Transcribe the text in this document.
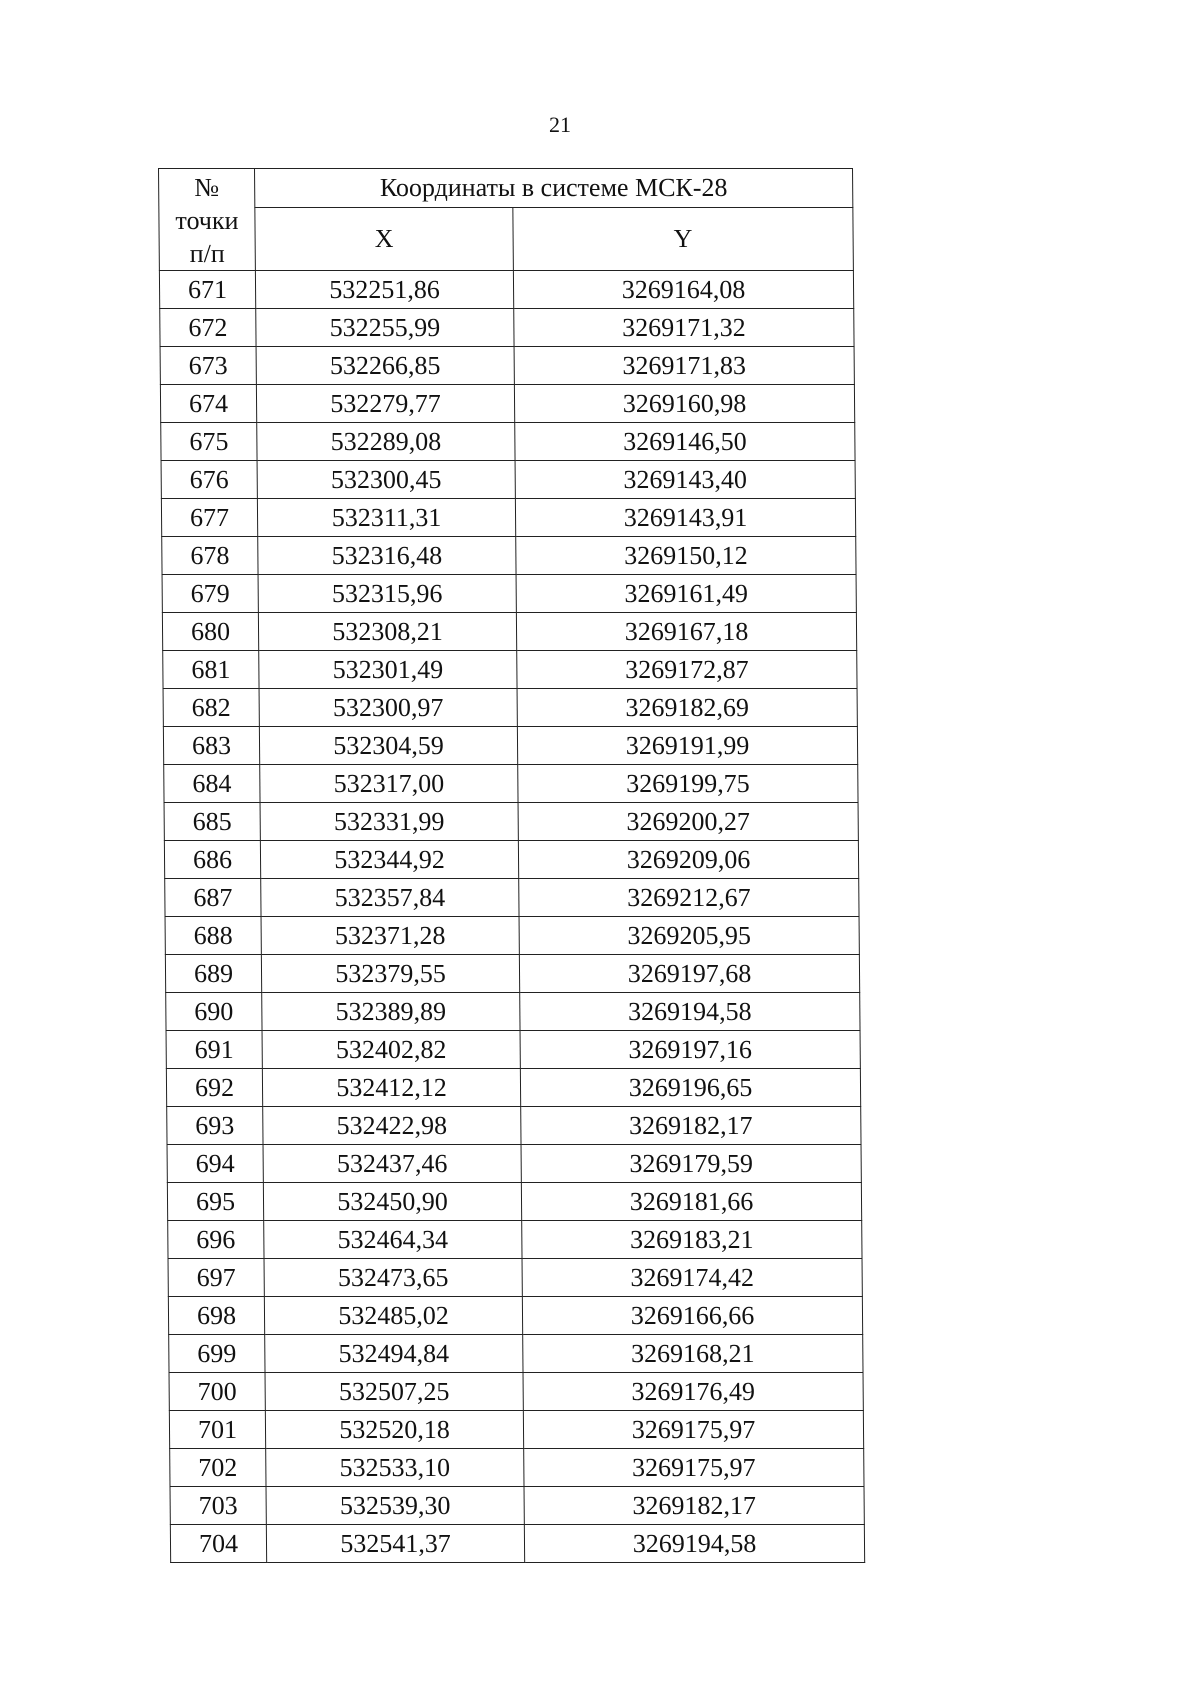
21
№
точки
п/п	Координаты в системе МСК-28	
	X	Y
671	532251,86	3269164,08
672	532255,99	3269171,32
673	532266,85	3269171,83
674	532279,77	3269160,98
675	532289,08	3269146,50
676	532300,45	3269143,40
677	532311,31	3269143,91
678	532316,48	3269150,12
679	532315,96	3269161,49
680	532308,21	3269167,18
681	532301,49	3269172,87
682	532300,97	3269182,69
683	532304,59	3269191,99
684	532317,00	3269199,75
685	532331,99	3269200,27
686	532344,92	3269209,06
687	532357,84	3269212,67
688	532371,28	3269205,95
689	532379,55	3269197,68
690	532389,89	3269194,58
691	532402,82	3269197,16
692	532412,12	3269196,65
693	532422,98	3269182,17
694	532437,46	3269179,59
695	532450,90	3269181,66
696	532464,34	3269183,21
697	532473,65	3269174,42
698	532485,02	3269166,66
699	532494,84	3269168,21
700	532507,25	3269176,49
701	532520,18	3269175,97
702	532533,10	3269175,97
703	532539,30	3269182,17
704	532541,37	3269194,58
